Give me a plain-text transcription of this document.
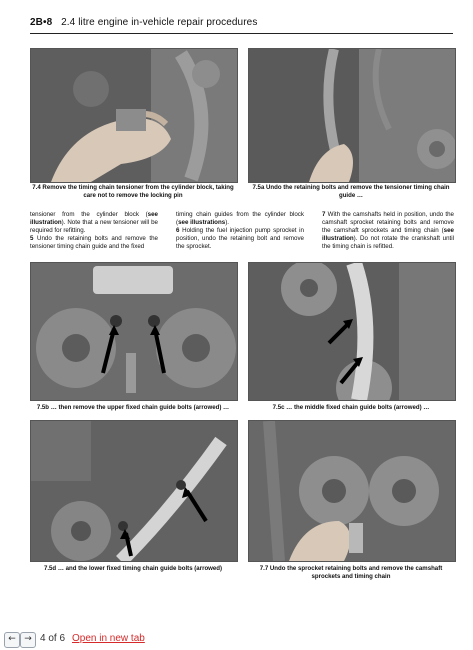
2B•8 2.4 litre engine in-vehicle repair procedures
7.4 Remove the timing chain tensioner from the cylinder block, taking care not to remove the locking pin
7.5a Undo the retaining bolts and remove the tensioner timing chain guide …
tensioner from the cylinder block (see illustration). Note that a new tensioner will be required for refitting.
5 Undo the retaining bolts and remove the tensioner timing chain guide and the fixed
timing chain guides from the cylinder block (see illustrations).
6 Holding the fuel injection pump sprocket in position, undo the retaining bolt and remove the sprocket.
7 With the camshafts held in position, undo the camshaft sprocket retaining bolts and remove the camshaft sprockets and timing chain (see illustration). Do not rotate the crankshaft until the timing chain is refitted.
7.5b … then remove the upper fixed chain guide bolts (arrowed) …	7.5c … the middle fixed chain guide bolts (arrowed) …
7.5d … and the lower fixed timing chain guide bolts (arrowed)	7.7 Undo the sprocket retaining bolts and remove the camshaft sprockets and timing chain
← → 4 of 6 Open in new tab
